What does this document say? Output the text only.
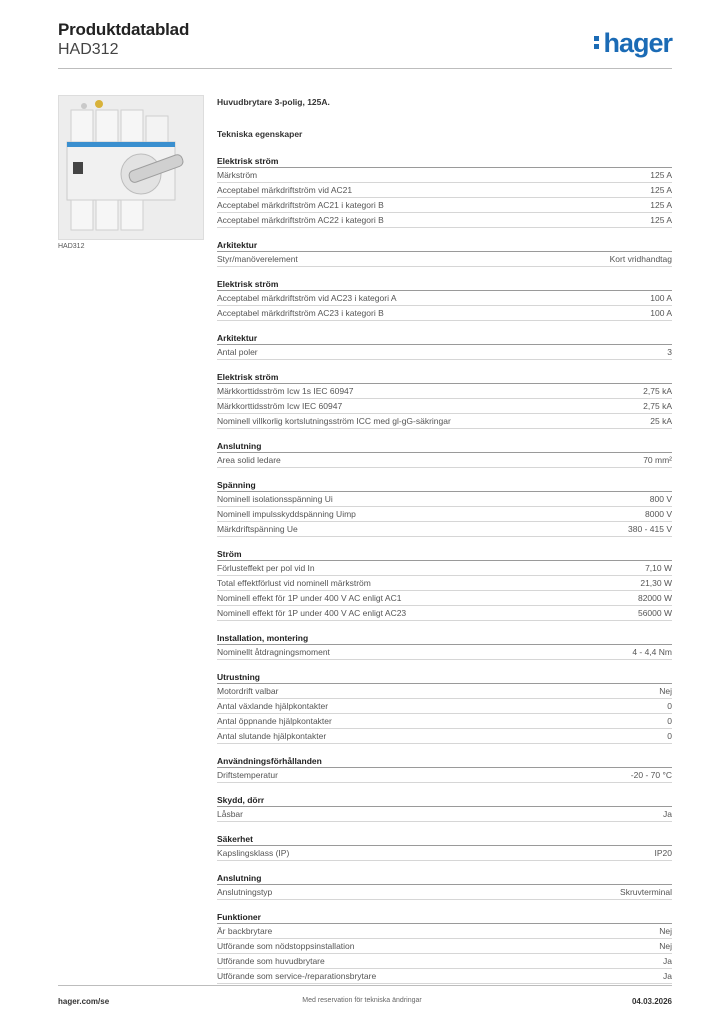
Produktdatablad
HAD312	hager
HAD312
Huvudbrytare 3-polig, 125A.
Tekniska egenskaper
Elektrisk ström
Märkström	125 A
Acceptabel märkdriftström vid AC21	125 A
Acceptabel märkdriftström AC21 i kategori B	125 A
Acceptabel märkdriftström AC22 i kategori B	125 A
Arkitektur
Styr/manöverelement	Kort vridhandtag
Elektrisk ström
Acceptabel märkdriftström vid AC23 i kategori A	100 A
Acceptabel märkdriftström AC23 i kategori B	100 A
Arkitektur
Antal poler	3
Elektrisk ström
Märkkorttidsström Icw 1s IEC 60947	2,75 kA
Märkkorttidsström Icw IEC 60947	2,75 kA
Nominell villkorlig kortslutningsström ICC med gl-gG-säkringar	25 kA
Anslutning
Area solid ledare	70 mm²
Spänning
Nominell isolationsspänning Ui	800 V
Nominell impulsskyddspänning Uimp	8000 V
Märkdriftspänning Ue	380 - 415 V
Ström
Förlusteffekt per pol vid In	7,10 W
Total effektförlust vid nominell märkström	21,30 W
Nominell effekt för 1P under 400 V AC enligt AC1	82000 W
Nominell effekt för 1P under 400 V AC enligt AC23	56000 W
Installation, montering
Nominellt åtdragningsmoment	4 - 4,4 Nm
Utrustning
Motordrift valbar	Nej
Antal växlande hjälpkontakter	0
Antal öppnande hjälpkontakter	0
Antal slutande hjälpkontakter	0
Användningsförhållanden
Driftstemperatur	-20 - 70 °C
Skydd, dörr
Låsbar	Ja
Säkerhet
Kapslingsklass (IP)	IP20
Anslutning
Anslutningstyp	Skruvterminal
Funktioner
Är backbrytare	Nej
Utförande som nödstoppsinstallation	Nej
Utförande som huvudbrytare	Ja
Utförande som service-/reparationsbrytare	Ja
hager.com/se	Med reservation för tekniska ändringar	04.03.2026
